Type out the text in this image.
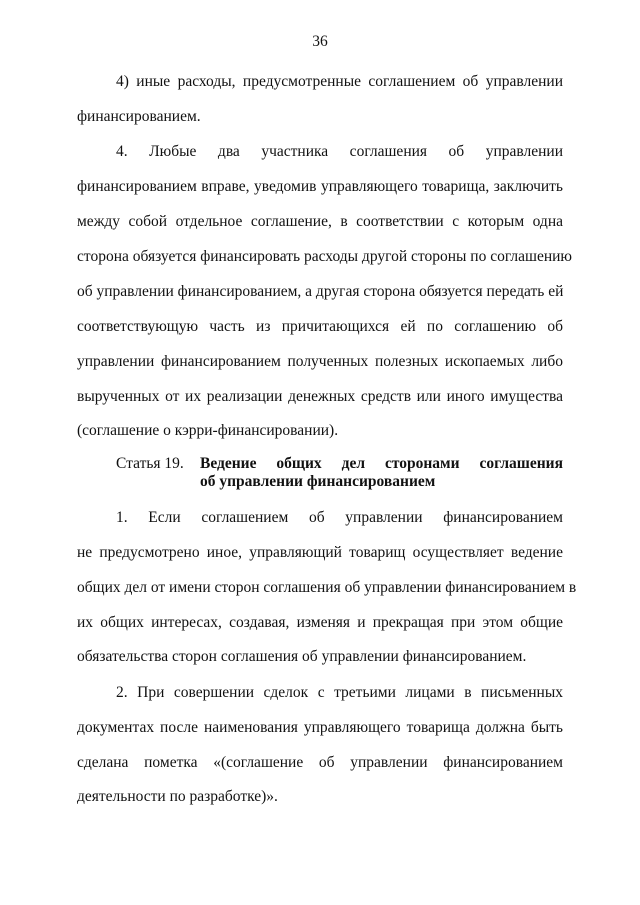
36
4) иные расходы, предусмотренные соглашением об управлении
финансированием.
4. Любые два участника соглашения об управлении
финансированием вправе, уведомив управляющего товарища, заключить
между собой отдельное соглашение, в соответствии с которым одна
сторона обязуется финансировать расходы другой стороны по соглашению
об управлении финансированием, а другая сторона обязуется передать ей
соответствующую часть из причитающихся ей по соглашению об
управлении финансированием полученных полезных ископаемых либо
вырученных от их реализации денежных средств или иного имущества
(соглашение о кэрри-финансировании).
Статья 19. Ведение общих дел сторонами соглашения
об управлении финансированием
1. Если соглашением об управлении финансированием
не предусмотрено иное, управляющий товарищ осуществляет ведение
общих дел от имени сторон соглашения об управлении финансированием в
их общих интересах, создавая, изменяя и прекращая при этом общие
обязательства сторон соглашения об управлении финансированием.
2. При совершении сделок с третьими лицами в письменных
документах после наименования управляющего товарища должна быть
сделана пометка «(соглашение об управлении финансированием
деятельности по разработке)».
